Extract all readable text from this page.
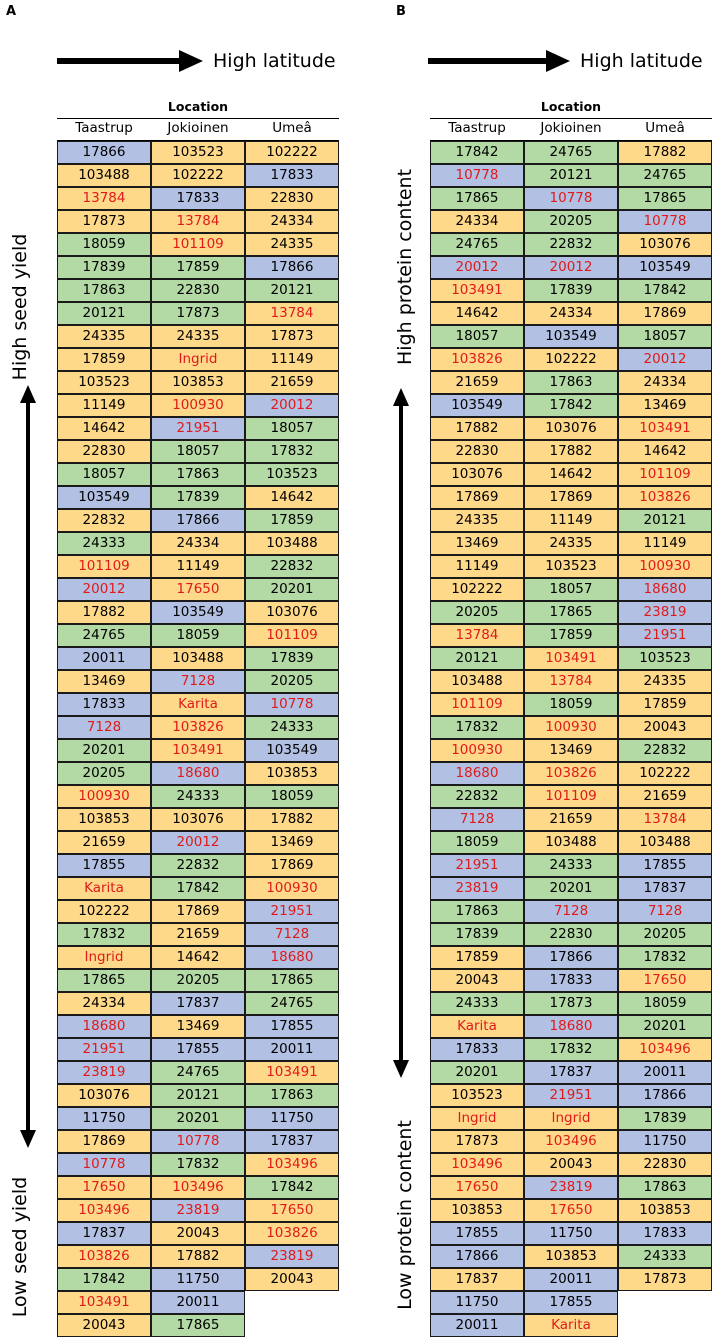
A
High latitude
Location
Taastrup	Jokioinen	Umeâ
17866	103523	102222
103488	102222	17833
13784	17833	22830
17873	13784	24334
18059	101109	24335
17839	17859	17866
17863	22830	20121
20121	17873	13784
24335	24335	17873
17859	Ingrid	11149
103523	103853	21659
11149	100930	20012
14642	21951	18057
22830	18057	17832
18057	17863	103523
103549	17839	14642
22832	17866	17859
24333	24334	103488
101109	11149	22832
20012	17650	20201
17882	103549	103076
24765	18059	101109
20011	103488	17839
13469	7128	20205
17833	Karita	10778
7128	103826	24333
20201	103491	103549
20205	18680	103853
100930	24333	18059
103853	103076	17882
21659	20012	13469
17855	22832	17869
Karita	17842	100930
102222	17869	21951
17832	21659	7128
Ingrid	14642	18680
17865	20205	17865
24334	17837	24765
18680	13469	17855
21951	17855	20011
23819	24765	103491
103076	20121	17863
11750	20201	11750
17869	10778	17837
10778	17832	103496
17650	103496	17842
103496	23819	17650
17837	20043	103826
103826	17882	23819
17842	11750	20043
103491	20011
20043	17865
High seed yield
Low seed yield
B
High latitude
Location
Taastrup	Jokioinen	Umeâ
17842	24765	17882
10778	20121	24765
17865	10778	17865
24334	20205	10778
24765	22832	103076
20012	20012	103549
103491	17839	17842
14642	24334	17869
18057	103549	18057
103826	102222	20012
21659	17863	24334
103549	17842	13469
17882	103076	103491
22830	17882	14642
103076	14642	101109
17869	17869	103826
24335	11149	20121
13469	24335	11149
11149	103523	100930
102222	18057	18680
20205	17865	23819
13784	17859	21951
20121	103491	103523
103488	13784	24335
101109	18059	17859
17832	100930	20043
100930	13469	22832
18680	103826	102222
22832	101109	21659
7128	21659	13784
18059	103488	103488
21951	24333	17855
23819	20201	17837
17863	7128	7128
17839	22830	20205
17859	17866	17832
20043	17833	17650
24333	17873	18059
Karita	18680	20201
17833	17832	103496
20201	17837	20011
103523	21951	17866
Ingrid	Ingrid	17839
17873	103496	11750
103496	20043	22830
17650	23819	17863
103853	17650	103853
17855	11750	17833
17866	103853	24333
17837	20011	17873
11750	17855
20011	Karita
High protein content
Low protein content
